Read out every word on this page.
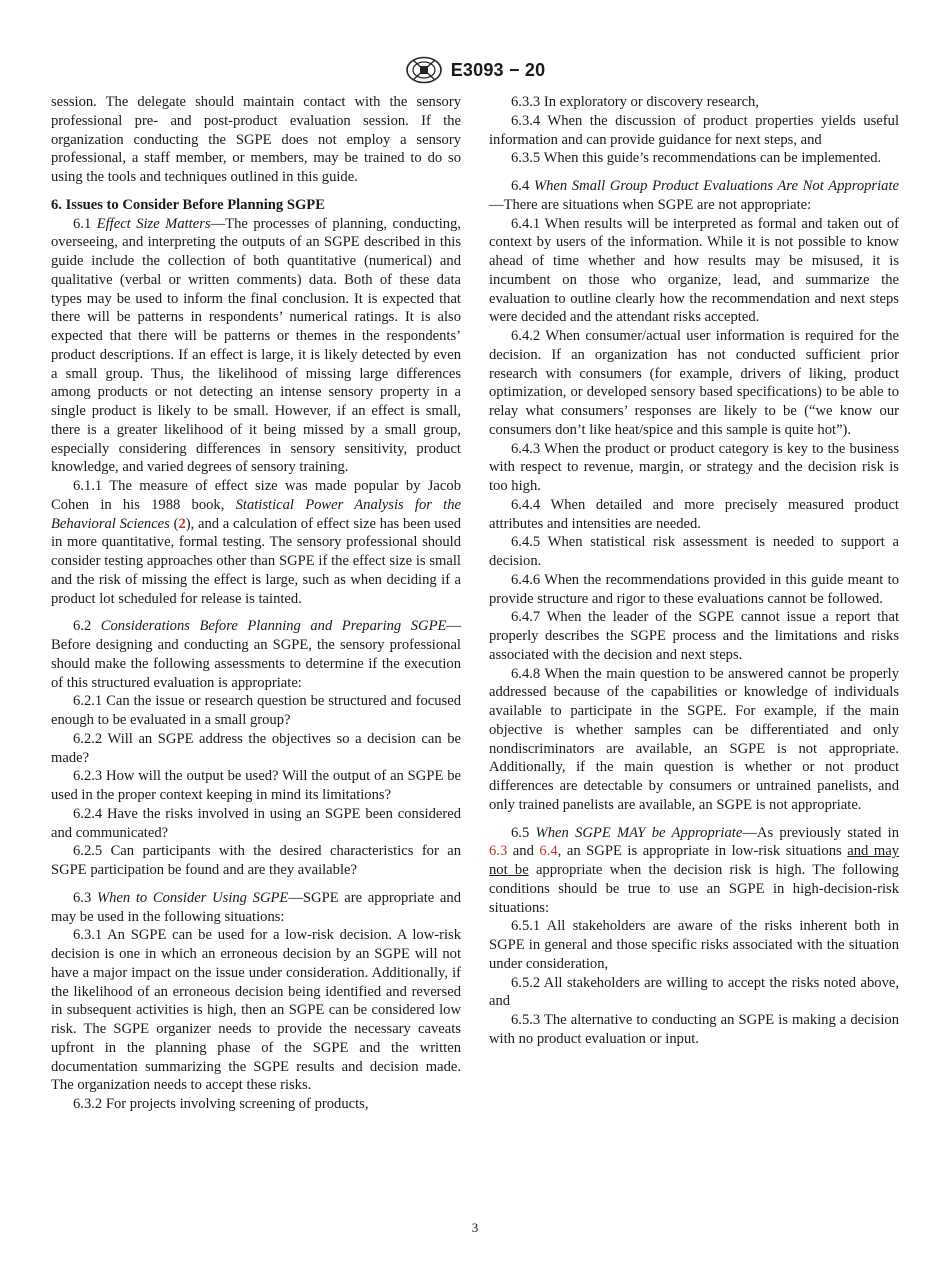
E3093 − 20

session. The delegate should maintain contact with the sensory professional pre- and post-product evaluation session. If the organization conducting the SGPE does not employ a sensory professional, a staff member, or members, may be trained to do so using the tools and techniques outlined in this guide.

6. Issues to Consider Before Planning SGPE

6.1 Effect Size Matters—The processes of planning, conducting, overseeing, and interpreting the outputs of an SGPE described in this guide include the collection of both quantitative (numerical) and qualitative (verbal or written comments) data. Both of these data types may be used to inform the final conclusion. It is expected that there will be patterns in respondents’ numerical ratings. It is also expected that there will be patterns or themes in the respondents’ product descriptions. If an effect is large, it is likely detected by even a small group. Thus, the likelihood of missing large differences among products or not detecting an intense sensory property in a single product is likely to be small. However, if an effect is small, there is a greater likelihood of it being missed by a small group, especially considering differences in sensory sensitivity, product knowledge, and varied degrees of sensory training.

6.1.1 The measure of effect size was made popular by Jacob Cohen in his 1988 book, Statistical Power Analysis for the Behavioral Sciences (2), and a calculation of effect size has been used in more quantitative, formal testing. The sensory professional should consider testing approaches other than SGPE if the effect size is small and the risk of missing the effect is large, such as when deciding if a product lot scheduled for release is tainted.

6.2 Considerations Before Planning and Preparing SGPE—Before designing and conducting an SGPE, the sensory professional should make the following assessments to determine if the execution of this structured evaluation is appropriate:

6.2.1 Can the issue or research question be structured and focused enough to be evaluated in a small group?

6.2.2 Will an SGPE address the objectives so a decision can be made?

6.2.3 How will the output be used? Will the output of an SGPE be used in the proper context keeping in mind its limitations?

6.2.4 Have the risks involved in using an SGPE been considered and communicated?

6.2.5 Can participants with the desired characteristics for an SGPE participation be found and are they available?

6.3 When to Consider Using SGPE—SGPE are appropriate and may be used in the following situations:

6.3.1 An SGPE can be used for a low-risk decision. A low-risk decision is one in which an erroneous decision by an SGPE will not have a major impact on the issue under consideration. Additionally, if the likelihood of an erroneous decision being identified and reversed in subsequent activities is high, then an SGPE can be considered low risk. The SGPE organizer needs to provide the necessary caveats upfront in the planning phase of the SGPE and the written documentation summarizing the SGPE results and decision made. The organization needs to accept these risks.

6.3.2 For projects involving screening of products,

6.3.3 In exploratory or discovery research,

6.3.4 When the discussion of product properties yields useful information and can provide guidance for next steps, and

6.3.5 When this guide’s recommendations can be implemented.

6.4 When Small Group Product Evaluations Are Not Appropriate—There are situations when SGPE are not appropriate:

6.4.1 When results will be interpreted as formal and taken out of context by users of the information. While it is not possible to know ahead of time whether and how results may be misused, it is incumbent on those who organize, lead, and summarize the evaluation to outline clearly how the recommendation and next steps were decided and the attendant risks accepted.

6.4.2 When consumer/actual user information is required for the decision. If an organization has not conducted sufficient prior research with consumers (for example, drivers of liking, product optimization, or developed sensory based specifications) to be able to relay what consumers’ responses are likely to be (“we know our consumers don’t like heat/spice and this sample is quite hot”).

6.4.3 When the product or product category is key to the business with respect to revenue, margin, or strategy and the decision risk is too high.

6.4.4 When detailed and more precisely measured product attributes and intensities are needed.

6.4.5 When statistical risk assessment is needed to support a decision.

6.4.6 When the recommendations provided in this guide meant to provide structure and rigor to these evaluations cannot be followed.

6.4.7 When the leader of the SGPE cannot issue a report that properly describes the SGPE process and the limitations and risks associated with the decision and next steps.

6.4.8 When the main question to be answered cannot be properly addressed because of the capabilities or knowledge of individuals available to participate in the SGPE. For example, if the main objective is whether samples can be differentiated and only nondiscriminators are available, an SGPE is not appropriate. Additionally, if the main question is whether or not product differences are detectable by consumers or untrained panelists, and only trained panelists are available, an SGPE is not appropriate.

6.5 When SGPE MAY be Appropriate—As previously stated in 6.3 and 6.4, an SGPE is appropriate in low-risk situations and may not be appropriate when the decision risk is high. The following conditions should be true to use an SGPE in high-decision-risk situations:

6.5.1 All stakeholders are aware of the risks inherent both in SGPE in general and those specific risks associated with the situation under consideration,

6.5.2 All stakeholders are willing to accept the risks noted above, and

6.5.3 The alternative to conducting an SGPE is making a decision with no product evaluation or input.

3
